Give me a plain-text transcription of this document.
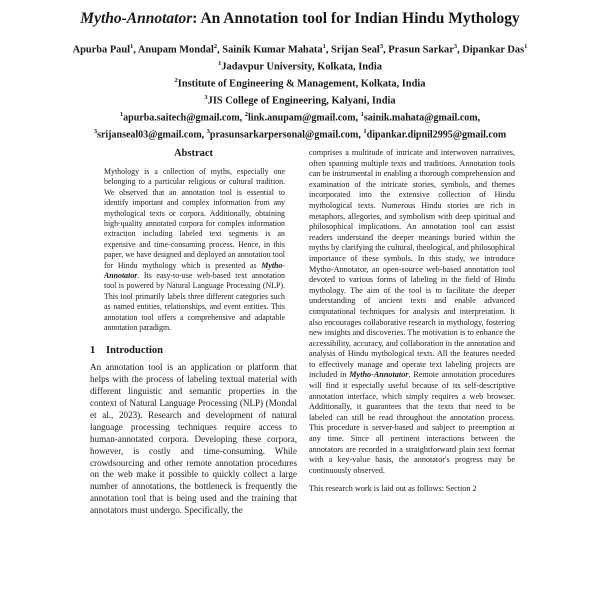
Mytho-Annotator: An Annotation tool for Indian Hindu Mythology
Apurba Paul$^1$, Anupam Mondal$^2$, Sainik Kumar Mahata$^1$, Srijan Seal$^3$, Prasun Sarkar$^3$, Dipankar Das$^1$
$^1$Jadavpur University, Kolkata, India
$^2$Institute of Engineering & Management, Kolkata, India
$^3$JIS College of Engineering, Kalyani, India
$^1$apurba.saitech@gmail.com, $^2$link.anupam@gmail.com, $^1$sainik.mahata@gmail.com,
$^3$srijanseal03@gmail.com, $^3$prasunsarkarpersonal@gmail.com, $^1$dipankar.dipnil2995@gmail.com
Abstract

Mythology is a collection of myths, especially one belonging to a particular religious or cultural tradition. We observed that an annotation tool is essential to identify important and complex information from any mythological texts or corpora. Additionally, obtaining high-quality annotated corpora for complex information extraction including labeled text segments is an expensive and time-consuming process. Hence, in this paper, we have designed and deployed an annotation tool for Hindu mythology which is presented as Mytho-Annotator. Its easy-to-use web-based text annotation tool is powered by Natural Language Processing (NLP). This tool primarily labels three different categories such as named entities, relationships, and event entities. This annotation tool offers a comprehensive and adaptable annotation paradigm.

1 Introduction

An annotation tool is an application or platform that helps with the process of labeling textual material with different linguistic and semantic properties in the context of Natural Language Processing (NLP) (Mondal et al., 2023). Research and development of natural language processing techniques require access to human-annotated corpora. Developing these corpora, however, is costly and time-consuming. While crowdsourcing and other remote annotation procedures on the web make it possible to quickly collect a large number of annotations, the bottleneck is frequently the annotation tool that is being used and the training that annotators must undergo. Specifically, the

comprises a multitude of intricate and interwoven narratives, often spanning multiple texts and traditions. Annotation tools can be instrumental in enabling a thorough comprehension and examination of the intricate stories, symbols, and themes incorporated into the extensive collection of Hindu mythological texts. Numerous Hindu stories are rich in metaphors, allegories, and symbolism with deep spiritual and philosophical implications. An annotation tool can assist readers understand the deeper meanings buried within the myths by clarifying the cultural, theological, and philosophical importance of these symbols. In this study, we introduce Mytho-Annotator, an open-source web-based annotation tool devoted to various forms of labeling in the field of Hindu mythology. The aim of the tool is to facilitate the deeper understanding of ancient texts and enable advanced computational techniques for analysis and interpretation. It also encourages collaborative research in mythology, fostering new insights and discoveries. The motivation is to enhance the accessibility, accuracy, and collaboration in the annotation and analysis of Hindu mythological texts. All the features needed to effectively manage and operate text labeling projects are included in Mytho-Annotator. Remote annotation procedures will find it especially useful because of its self-descriptive annotation interface, which simply requires a web browser. Additionally, it guarantees that the texts that need to be labeled can still be read throughout the annotation process. This procedure is server-based and subject to preemption at any time. Since all pertinent interactions between the annotators are recorded in a straightforward plain text format with a key-value basis, the annotator's progress may be continuously observed.

This research work is laid out as follows: Section 2
